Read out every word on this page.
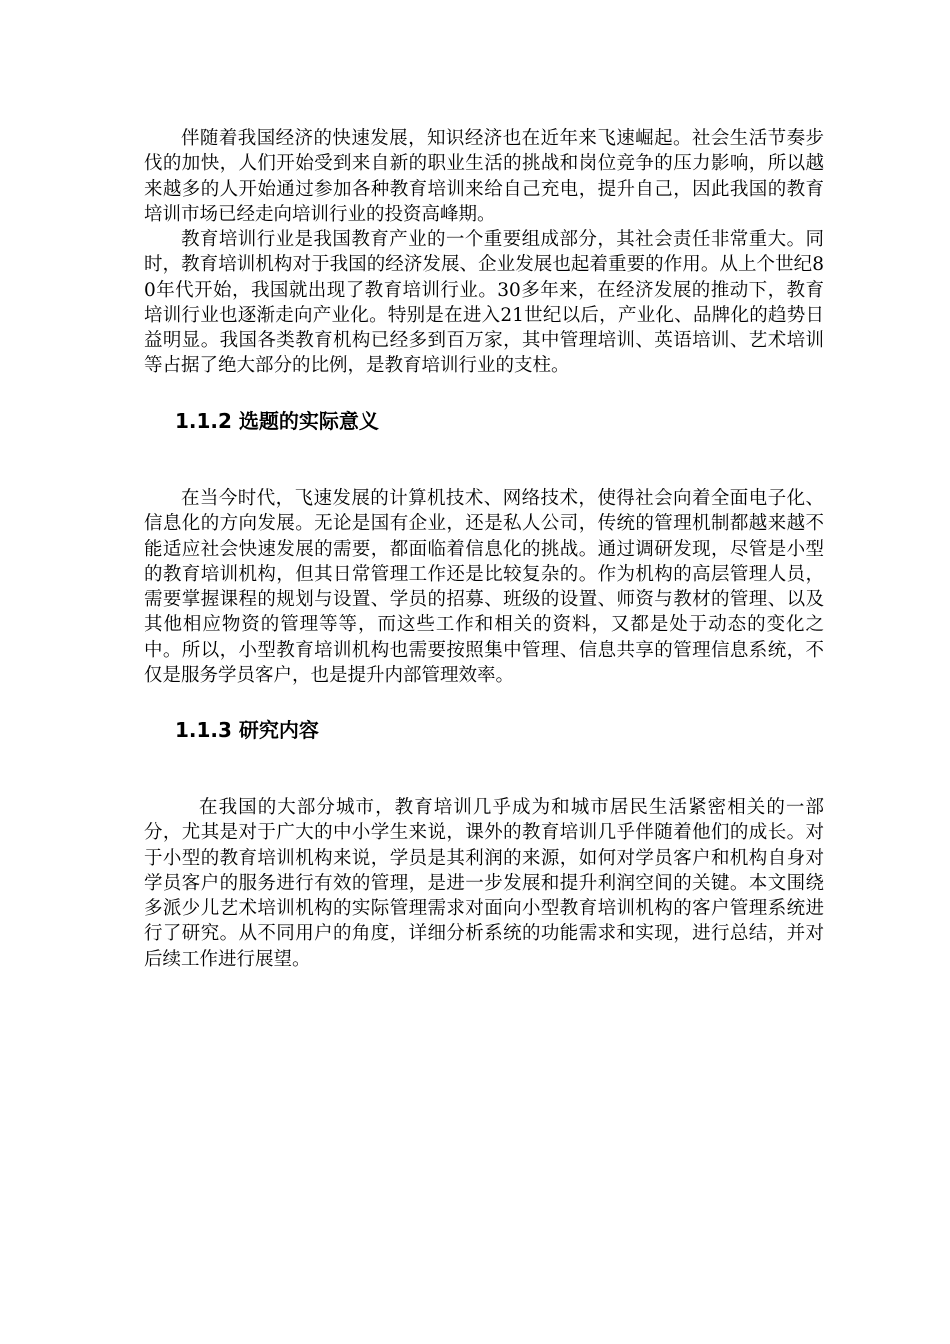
伴随着我国经济的快速发展，知识经济也在近年来飞速崛起。社会生活节奏步伐的加快，人们开始受到来自新的职业生活的挑战和岗位竞争的压力影响，所以越来越多的人开始通过参加各种教育培训来给自己充电，提升自己，因此我国的教育培训市场已经走向培训行业的投资高峰期。

教育培训行业是我国教育产业的一个重要组成部分，其社会责任非常重大。同时，教育培训机构对于我国的经济发展、企业发展也起着重要的作用。从上个世纪80年代开始，我国就出现了教育培训行业。30多年来，在经济发展的推动下，教育培训行业也逐渐走向产业化。特别是在进入21世纪以后，产业化、品牌化的趋势日益明显。我国各类教育机构已经多到百万家，其中管理培训、英语培训、艺术培训等占据了绝大部分的比例，是教育培训行业的支柱。

1.1.2 选题的实际意义

在当今时代，飞速发展的计算机技术、网络技术，使得社会向着全面电子化、信息化的方向发展。无论是国有企业，还是私人公司，传统的管理机制都越来越不能适应社会快速发展的需要，都面临着信息化的挑战。通过调研发现，尽管是小型的教育培训机构，但其日常管理工作还是比较复杂的。作为机构的高层管理人员，需要掌握课程的规划与设置、学员的招募、班级的设置、师资与教材的管理、以及其他相应物资的管理等等，而这些工作和相关的资料，又都是处于动态的变化之中。所以，小型教育培训机构也需要按照集中管理、信息共享的管理信息系统，不仅是服务学员客户，也是提升内部管理效率。

1.1.3 研究内容

在我国的大部分城市，教育培训几乎成为和城市居民生活紧密相关的一部分，尤其是对于广大的中小学生来说，课外的教育培训几乎伴随着他们的成长。对于小型的教育培训机构来说，学员是其利润的来源，如何对学员客户和机构自身对学员客户的服务进行有效的管理，是进一步发展和提升利润空间的关键。本文围绕多派少儿艺术培训机构的实际管理需求对面向小型教育培训机构的客户管理系统进行了研究。从不同用户的角度，详细分析系统的功能需求和实现，进行总结，并对后续工作进行展望。
